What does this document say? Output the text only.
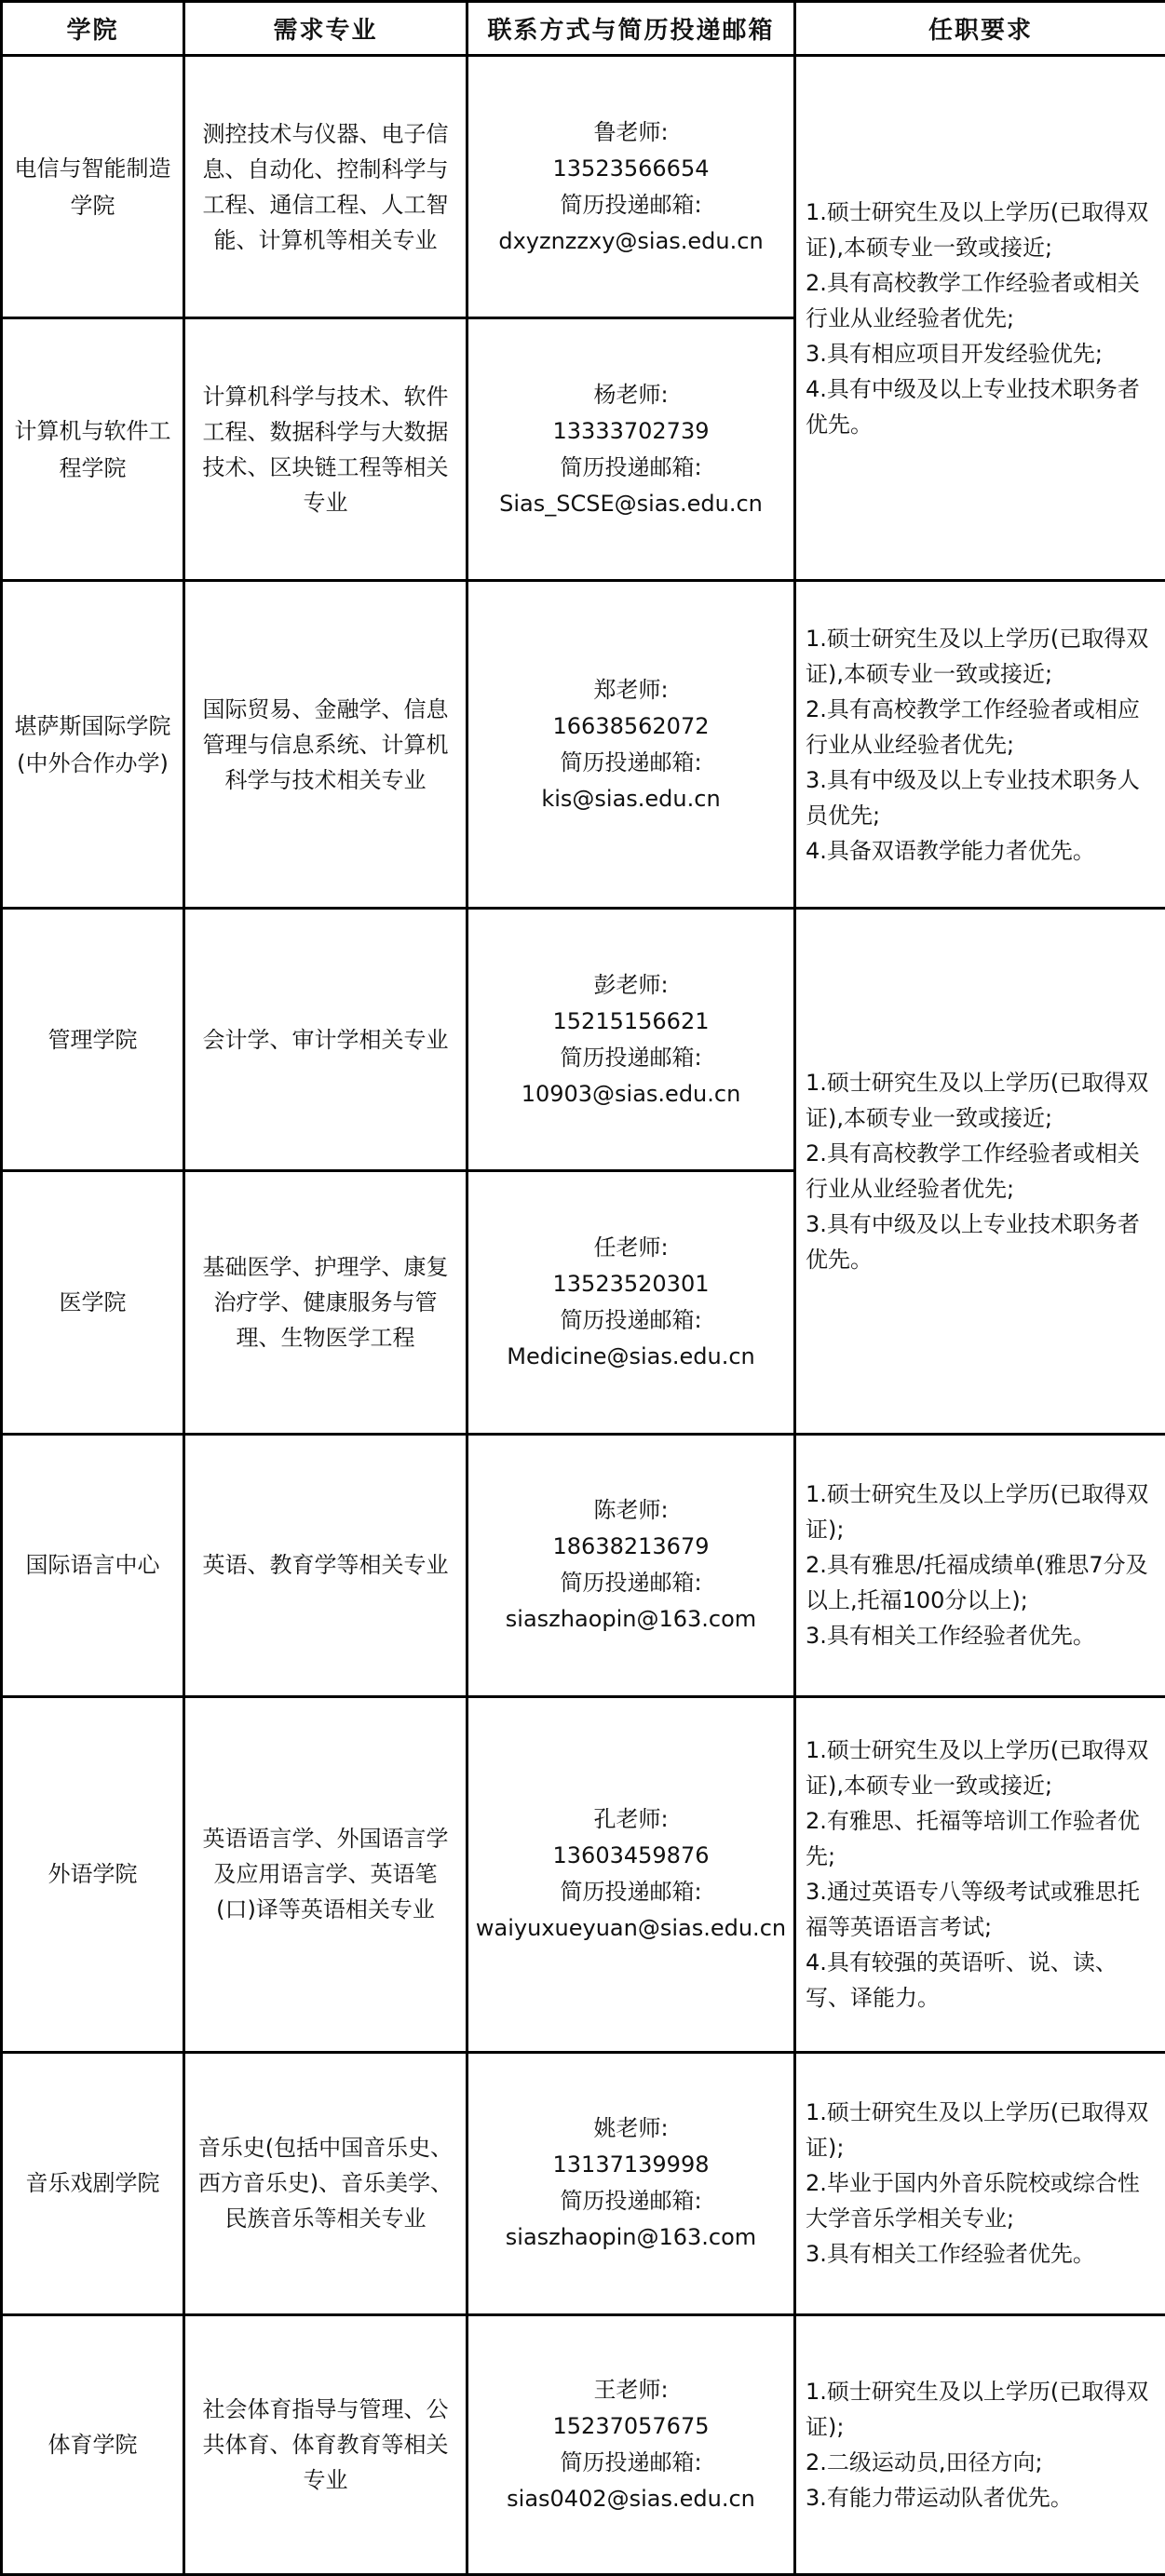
学院	需求专业	联系方式与简历投递邮箱	任职要求
电信与智能制造学院	测控技术与仪器、电子信息、自动化、控制科学与工程、通信工程、人工智能、计算机等相关专业	鲁老师:
13523566654
简历投递邮箱:
dxyznzzxy@sias.edu.cn	1.硕士研究生及以上学历(已取得双证),本硕专业一致或接近;
2.具有高校教学工作经验者或相关行业从业经验者优先;
3.具有相应项目开发经验优先;
4.具有中级及以上专业技术职务者优先。

计算机与软件工程学院	计算机科学与技术、软件工程、数据科学与大数据技术、区块链工程等相关专业	杨老师:
13333702739
简历投递邮箱:
Sias_SCSE@sias.edu.cn	

堪萨斯国际学院(中外合作办学)	国际贸易、金融学、信息管理与信息系统、计算机科学与技术相关专业	郑老师:
16638562072
简历投递邮箱:
kis@sias.edu.cn	1.硕士研究生及以上学历(已取得双证),本硕专业一致或接近;
2.具有高校教学工作经验者或相应行业从业经验者优先;
3.具有中级及以上专业技术职务人员优先;
4.具备双语教学能力者优先。

管理学院	会计学、审计学相关专业	彭老师:
15215156621
简历投递邮箱:
10903@sias.edu.cn	1.硕士研究生及以上学历(已取得双证),本硕专业一致或接近;
2.具有高校教学工作经验者或相关行业从业经验者优先;
3.具有中级及以上专业技术职务者优先。

医学院	基础医学、护理学、康复治疗学、健康服务与管理、生物医学工程	任老师:
13523520301
简历投递邮箱:
Medicine@sias.edu.cn	

国际语言中心	英语、教育学等相关专业	陈老师:
18638213679
简历投递邮箱:
siaszhaopin@163.com	1.硕士研究生及以上学历(已取得双证);
2.具有雅思/托福成绩单(雅思7分及以上,托福100分以上);
3.具有相关工作经验者优先。

外语学院	英语语言学、外国语言学及应用语言学、英语笔(口)译等英语相关专业	孔老师:
13603459876
简历投递邮箱:
waiyuxueyuan@sias.edu.cn	1.硕士研究生及以上学历(已取得双证),本硕专业一致或接近;
2.有雅思、托福等培训工作验者优先;
3.通过英语专八等级考试或雅思托福等英语语言考试;
4.具有较强的英语听、说、读、写、译能力。

音乐戏剧学院	音乐史(包括中国音乐史、西方音乐史)、音乐美学、民族音乐等相关专业	姚老师:
13137139998
简历投递邮箱:
siaszhaopin@163.com	1.硕士研究生及以上学历(已取得双证);
2.毕业于国内外音乐院校或综合性大学音乐学相关专业;
3.具有相关工作经验者优先。

体育学院	社会体育指导与管理、公共体育、体育教育等相关专业	王老师:
15237057675
简历投递邮箱:
sias0402@sias.edu.cn	1.硕士研究生及以上学历(已取得双证);
2.二级运动员,田径方向;
3.有能力带运动队者优先。
